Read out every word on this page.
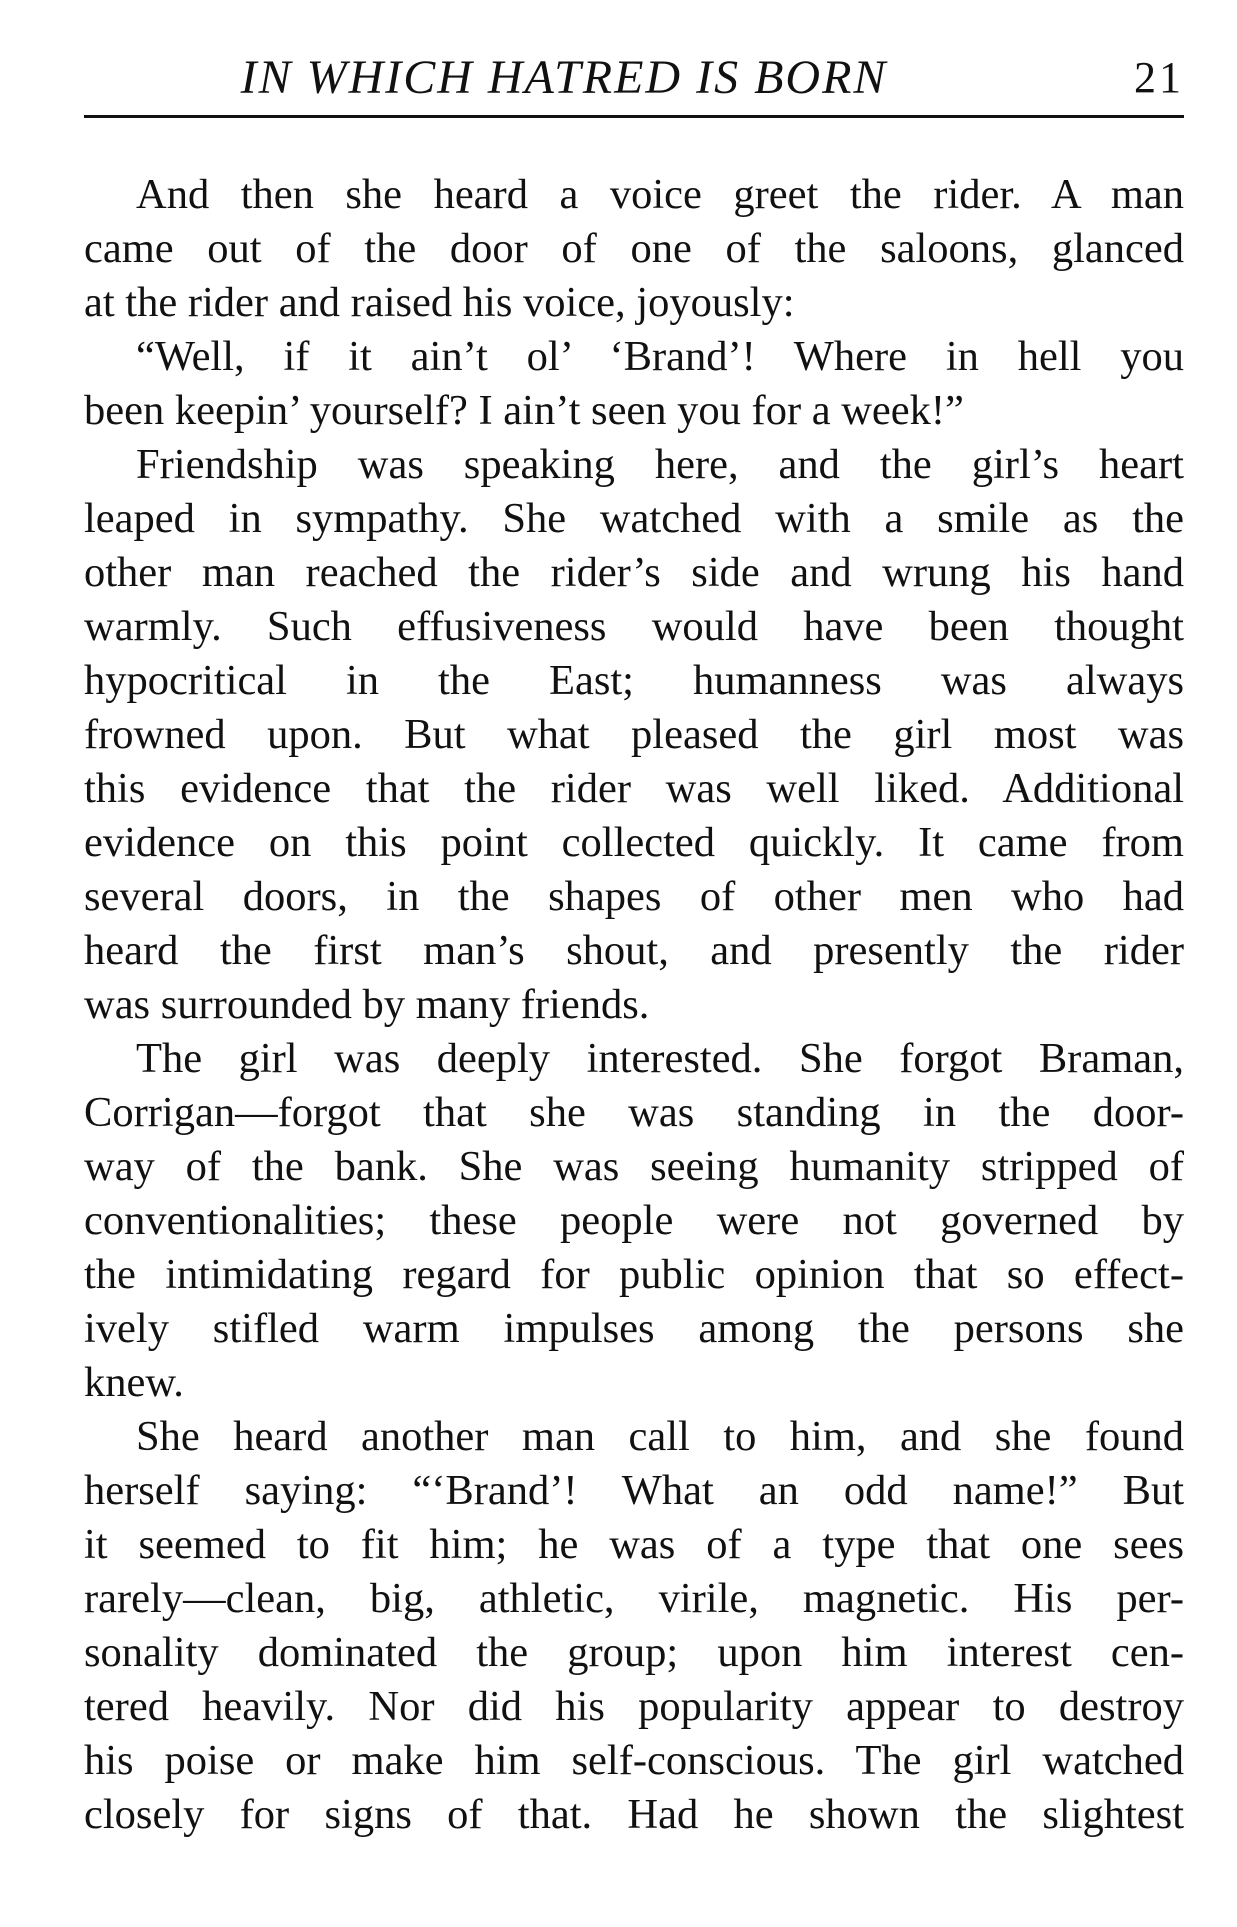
IN WHICH HATRED IS BORN	21
And then she heard a voice greet the rider. A man
came out of the door of one of the saloons, glanced
at the rider and raised his voice, joyously:
“Well, if it ain’t ol’ ‘Brand’! Where in hell you
been keepin’ yourself? I ain’t seen you for a week!”
Friendship was speaking here, and the girl’s heart
leaped in sympathy. She watched with a smile as the
other man reached the rider’s side and wrung his hand
warmly. Such effusiveness would have been thought
hypocritical in the East; humanness was always
frowned upon. But what pleased the girl most was
this evidence that the rider was well liked. Additional
evidence on this point collected quickly. It came from
several doors, in the shapes of other men who had
heard the first man’s shout, and presently the rider
was surrounded by many friends.
The girl was deeply interested. She forgot Braman,
Corrigan—forgot that she was standing in the door-
way of the bank. She was seeing humanity stripped of
conventionalities; these people were not governed by
the intimidating regard for public opinion that so effect-
ively stifled warm impulses among the persons she
knew.
She heard another man call to him, and she found
herself saying: “‘Brand’! What an odd name!” But
it seemed to fit him; he was of a type that one sees
rarely—clean, big, athletic, virile, magnetic. His per-
sonality dominated the group; upon him interest cen-
tered heavily. Nor did his popularity appear to destroy
his poise or make him self-conscious. The girl watched
closely for signs of that. Had he shown the slightest
